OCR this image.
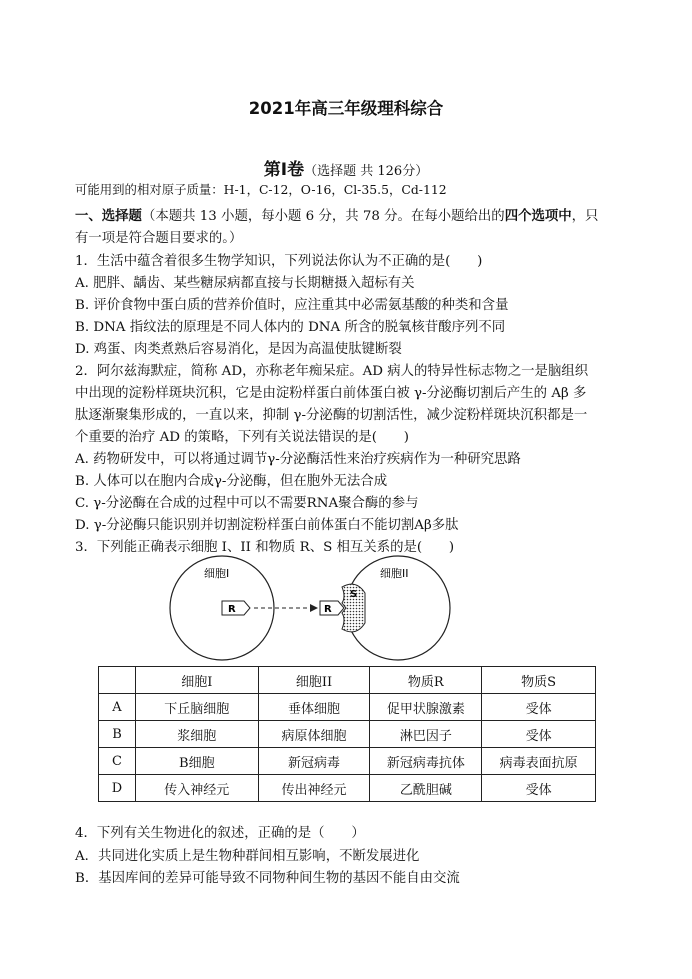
2021年高三年级理科综合
第Ⅰ卷（选择题 共 126分）
可能用到的相对原子质量：H-1，C-12，O-16，Cl-35.5，Cd-112
一、选择题（本题共 13 小题，每小题 6 分，共 78 分。在每小题给出的四个选项中，只
有一项是符合题目要求的。）
1．生活中蕴含着很多生物学知识，下列说法你认为不正确的是(　　)
A. 肥胖、龋齿、某些糖尿病都直接与长期糖摄入超标有关
B. 评价食物中蛋白质的营养价值时，应注重其中必需氨基酸的种类和含量
B. DNA 指纹法的原理是不同人体内的 DNA 所含的脱氧核苷酸序列不同
D. 鸡蛋、肉类煮熟后容易消化，是因为高温使肽键断裂
2．阿尔兹海默症，简称 AD，亦称老年痴呆症。AD 病人的特异性标志物之一是脑组织
中出现的淀粉样斑块沉积，它是由淀粉样蛋白前体蛋白被 γ-分泌酶切割后产生的 Aβ 多
肽逐渐聚集形成的，一直以来，抑制 γ-分泌酶的切割活性，减少淀粉样斑块沉积都是一
个重要的治疗 AD 的策略，下列有关说法错误的是(　　)
A. 药物研发中，可以将通过调节γ-分泌酶活性来治疗疾病作为一种研究思路
B. 人体可以在胞内合成γ-分泌酶，但在胞外无法合成
C. γ-分泌酶在合成的过程中可以不需要RNA聚合酶的参与
D. γ-分泌酶只能识别并切割淀粉样蛋白前体蛋白不能切割Aβ多肽
3．下列能正确表示细胞 I、II 和物质 R、S 相互关系的是(　　)
细胞I	细胞II
R
S
R
	细胞I	细胞II	物质R	物质S
A	下丘脑细胞	垂体细胞	促甲状腺激素	受体
B	浆细胞	病原体细胞	淋巴因子	受体
C	B细胞	新冠病毒	新冠病毒抗体	病毒表面抗原
D	传入神经元	传出神经元	乙酰胆碱	受体
4．下列有关生物进化的叙述，正确的是（　　）
A．共同进化实质上是生物种群间相互影响，不断发展进化
B．基因库间的差异可能导致不同物种间生物的基因不能自由交流
